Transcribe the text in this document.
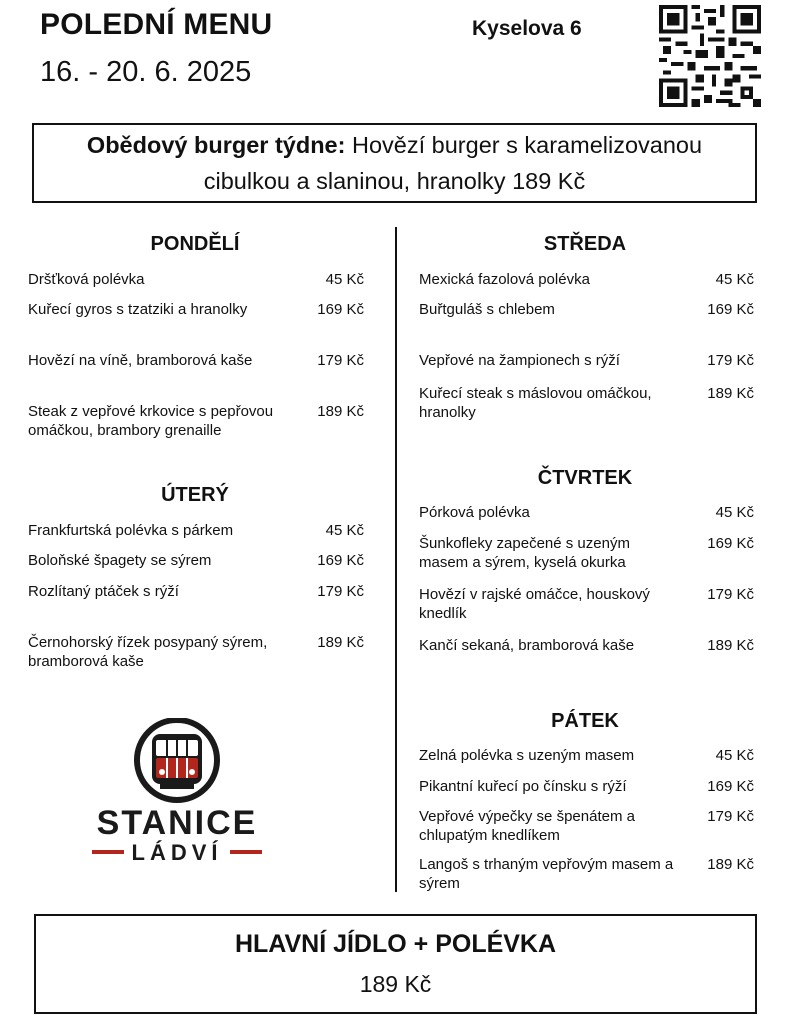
POLEDNÍ MENU
16. - 20. 6. 2025
Kyselova 6
Obědový burger týdne: Hovězí burger s karamelizovanou cibulkou a slaninou, hranolky 189 Kč
PONDĚLÍ
Dršťková polévka	45 Kč
Kuřecí gyros s tzatziki a hranolky	169 Kč
Hovězí na víně, bramborová kaše	179 Kč
Steak z vepřové krkovice s pepřovou omáčkou, brambory grenaille
189 Kč
ÚTERÝ
Frankfurtská polévka s párkem	45 Kč
Boloňské špagety se sýrem	169 Kč
Rozlítaný ptáček s rýží	179 Kč
Černohorský řízek posypaný sýrem, bramborová kaše
189 Kč
STŘEDA
Mexická fazolová polévka	45 Kč
Buřtguláš s chlebem	169 Kč
Vepřové na žampionech s rýží	179 Kč
Kuřecí steak s máslovou omáčkou, hranolky
189 Kč
ČTVRTEK
Pórková polévka	45 Kč
Šunkofleky zapečené s uzeným masem a sýrem, kyselá okurka
169 Kč
Hovězí v rajské omáčce, houskový knedlík
179 Kč
Kančí sekaná, bramborová kaše	189 Kč
PÁTEK
Zelná polévka s uzeným masem	45 Kč
Pikantní kuřecí po čínsku s rýží	169 Kč
Vepřové výpečky se špenátem a chlupatým knedlíkem
179 Kč
Langoš s trhaným vepřovým masem a sýrem
189 Kč
STANICE
LÁDVÍ
HLAVNÍ JÍDLO + POLÉVKA
189 Kč
